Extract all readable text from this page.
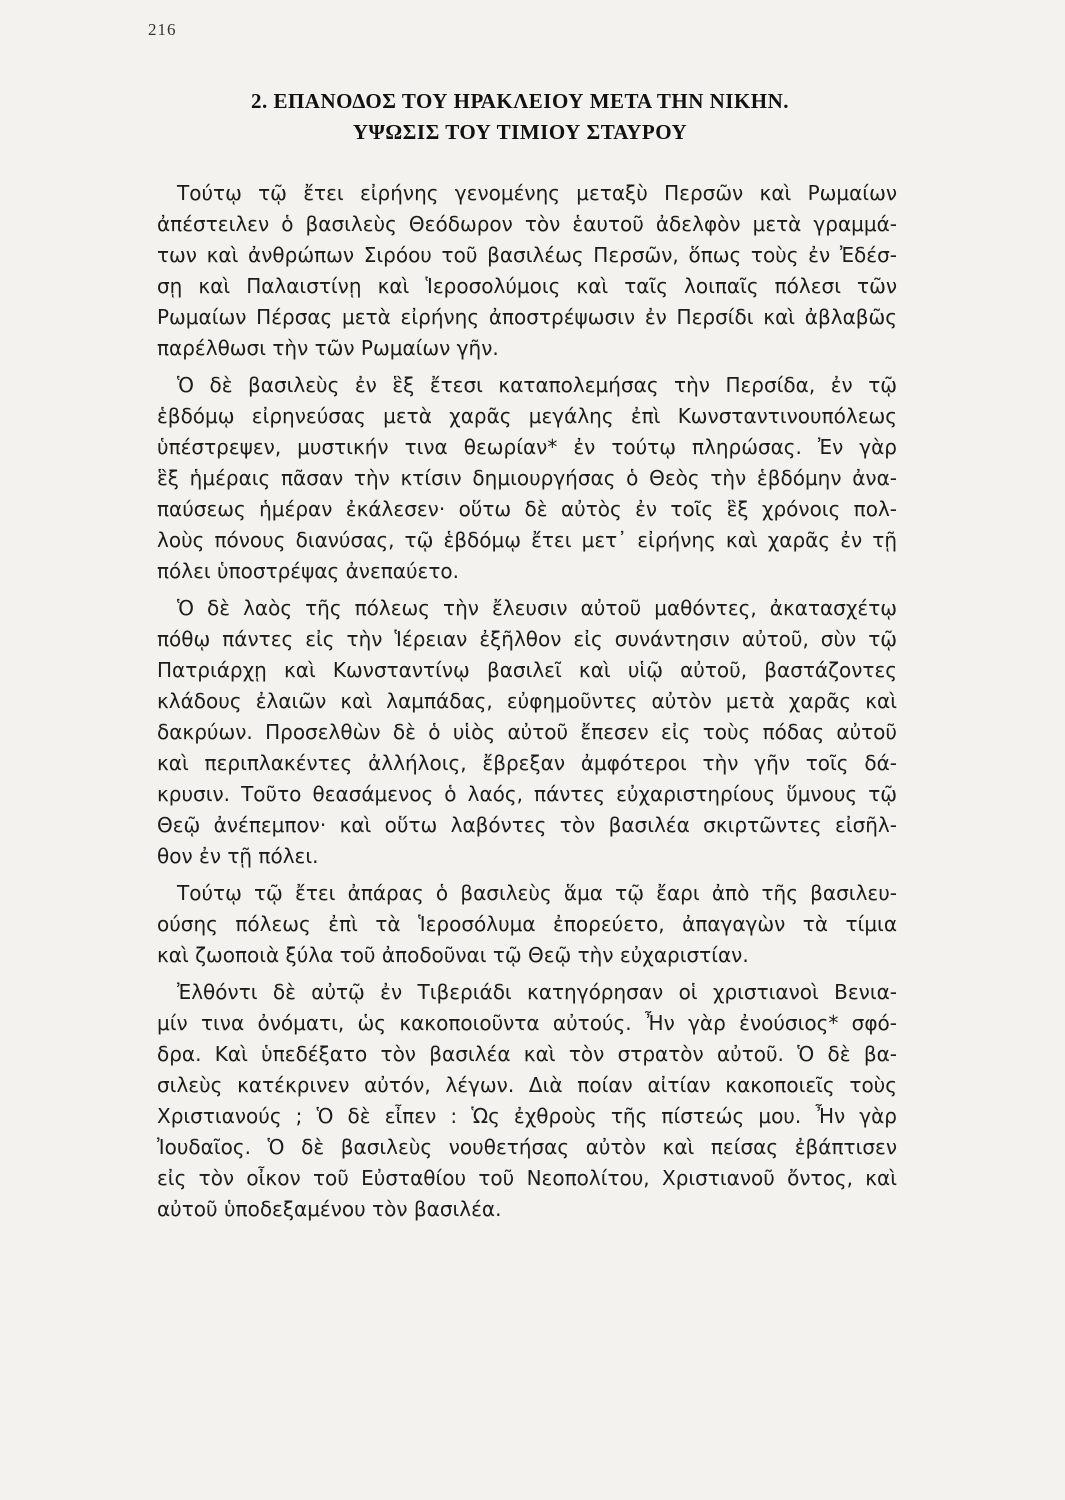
216
2. ΕΠΑΝΟΔΟΣ ΤΟΥ ΗΡΑΚΛΕΙΟΥ ΜΕΤΑ ΤΗΝ ΝΙΚΗΝ.
ΥΨΩΣΙΣ ΤΟΥ ΤΙΜΙΟΥ ΣΤΑΥΡΟΥ
Τούτῳ τῷ ἔτει εἰρήνης γενομένης μεταξὺ Περσῶν καὶ Ρωμαίων
ἀπέστειλεν ὁ βασιλεὺς Θεόδωρον τὸν ἑαυτοῦ ἀδελφὸν μετὰ γραμμά-
των καὶ ἀνθρώπων Σιρόου τοῦ βασιλέως Περσῶν, ὅπως τοὺς ἐν Ἐδέσ-
σῃ καὶ Παλαιστίνῃ καὶ Ἱεροσολύμοις καὶ ταῖς λοιπαῖς πόλεσι τῶν
Ρωμαίων Πέρσας μετὰ εἰρήνης ἀποστρέψωσιν ἐν Περσίδι καὶ ἀβλαβῶς
παρέλθωσι τὴν τῶν Ρωμαίων γῆν.
Ὁ δὲ βασιλεὺς ἐν ἓξ ἔτεσι καταπολεμήσας τὴν Περσίδα, ἐν τῷ
ἑβδόμῳ εἰρηνεύσας μετὰ χαρᾶς μεγάλης ἐπὶ Κωνσταντινουπόλεως
ὑπέστρεψεν, μυστικήν τινα θεωρίαν* ἐν τούτῳ πληρώσας. Ἐν γὰρ
ἓξ ἡμέραις πᾶσαν τὴν κτίσιν δημιουργήσας ὁ Θεὸς τὴν ἑβδόμην ἀνα-
παύσεως ἡμέραν ἐκάλεσεν· οὕτω δὲ αὐτὸς ἐν τοῖς ἓξ χρόνοις πολ-
λοὺς πόνους διανύσας, τῷ ἑβδόμῳ ἔτει μετ᾽ εἰρήνης καὶ χαρᾶς ἐν τῇ
πόλει ὑποστρέψας ἀνεπαύετο.
Ὁ δὲ λαὸς τῆς πόλεως τὴν ἔλευσιν αὐτοῦ μαθόντες, ἀκατασχέτῳ
πόθῳ πάντες εἰς τὴν Ἱέρειαν ἐξῆλθον εἰς συνάντησιν αὐτοῦ, σὺν τῷ
Πατριάρχῃ καὶ Κωνσταντίνῳ βασιλεῖ καὶ υἱῷ αὐτοῦ, βαστάζοντες
κλάδους ἐλαιῶν καὶ λαμπάδας, εὐφημοῦντες αὐτὸν μετὰ χαρᾶς καὶ
δακρύων. Προσελθὼν δὲ ὁ υἱὸς αὐτοῦ ἔπεσεν εἰς τοὺς πόδας αὐτοῦ
καὶ περιπλακέντες ἀλλήλοις, ἔβρεξαν ἀμφότεροι τὴν γῆν τοῖς δά-
κρυσιν. Τοῦτο θεασάμενος ὁ λαός, πάντες εὐχαριστηρίους ὕμνους τῷ
Θεῷ ἀνέπεμπον· καὶ οὕτω λαβόντες τὸν βασιλέα σκιρτῶντες εἰσῆλ-
θον ἐν τῇ πόλει.
Τούτῳ τῷ ἔτει ἀπάρας ὁ βασιλεὺς ἅμα τῷ ἔαρι ἀπὸ τῆς βασιλευ-
ούσης πόλεως ἐπὶ τὰ Ἱεροσόλυμα ἐπορεύετο, ἀπαγαγὼν τὰ τίμια
καὶ ζωοποιὰ ξύλα τοῦ ἀποδοῦναι τῷ Θεῷ τὴν εὐχαριστίαν.
Ἐλθόντι δὲ αὐτῷ ἐν Τιβεριάδι κατηγόρησαν οἱ χριστιανοὶ Βενια-
μίν τινα ὀνόματι, ὡς κακοποιοῦντα αὐτούς. Ἦν γὰρ ἐνούσιος* σφό-
δρα. Καὶ ὑπεδέξατο τὸν βασιλέα καὶ τὸν στρατὸν αὐτοῦ. Ὁ δὲ βα-
σιλεὺς κατέκρινεν αὐτόν, λέγων. Διὰ ποίαν αἰτίαν κακοποιεῖς τοὺς
Χριστιανούς ; Ὁ δὲ εἶπεν : Ὡς ἐχθροὺς τῆς πίστεώς μου. Ἦν γὰρ
Ἰουδαῖος. Ὁ δὲ βασιλεὺς νουθετήσας αὐτὸν καὶ πείσας ἐβάπτισεν
εἰς τὸν οἶκον τοῦ Εὐσταθίου τοῦ Νεοπολίτου, Χριστιανοῦ ὄντος, καὶ
αὐτοῦ ὑποδεξαμένου τὸν βασιλέα.
